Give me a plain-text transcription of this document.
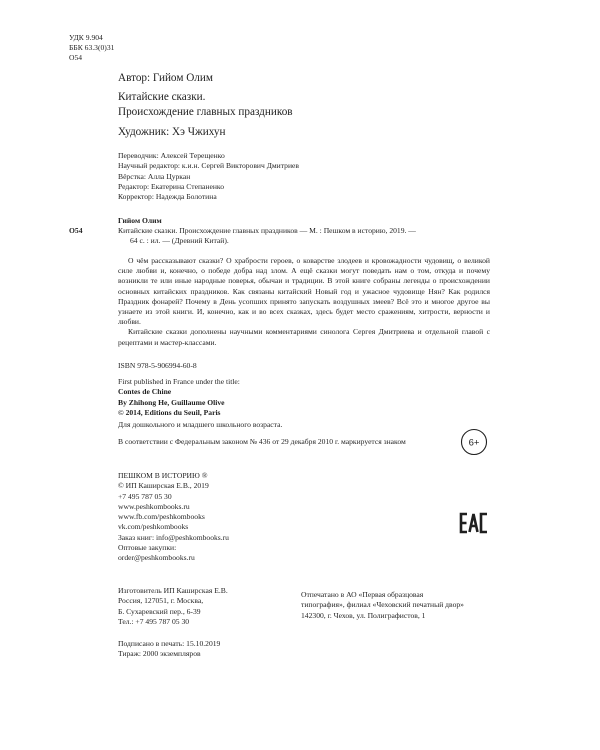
УДК 9.904
ББК 63.3(0)31
О54
Автор: Гийом Олим
Китайские сказки.
Происхождение главных праздников
Художник: Хэ Чжихун
Переводчик: Алексей Терещенко
Научный редактор: к.и.н. Сергей Викторович Дмитриев
Вёрстка: Алла Цуркан
Редактор: Екатерина Степаненко
Корректор: Надежда Болотина
Гийом Олим
О54	Китайские сказки. Происхождение главных праздников — М. : Пешком в историю, 2019. —
64 с. : ил. — (Древний Китай).

О чём рассказывают сказки? О храбрости героев, о коварстве злодеев и кровожадности чудовищ, о великой силе любви и, конечно, о победе добра над злом. А ещё сказки могут поведать нам о том, откуда и почему возникли те или иные народные поверья, обычаи и традиции. В этой книге собраны легенды о происхождении основных китайских праздников. Как связаны китайский Новый год и ужасное чудовище Нян? Как родился Праздник фонарей? Почему в День усопших принято запускать воздушных змеев? Всё это и многое другое вы узнаете из этой книги. И, конечно, как и во всех сказках, здесь будет место сражениям, хитрости, верности и любви.

Китайские сказки дополнены научными комментариями синолога Сергея Дмитриева и отдельной главой с рецептами и мастер-классами.

ISBN 978-5-906994-60-8
First published in France under the title:
Contes de Chine
By Zhihong He, Guillaume Olive
© 2014, Editions du Seuil, Paris
Для дошкольного и младшего школьного возраста.
В соответствии с Федеральным законом № 436 от 29 декабря 2010 г. маркируется знаком	6+
ПЕШКОМ В ИСТОРИЮ ®
© ИП Каширская Е.В., 2019
+7 495 787 05 30
www.peshkombooks.ru
www.fb.com/peshkombooks
vk.com/peshkombooks
Заказ книг: info@peshkombooks.ru
Оптовые закупки:
order@peshkombooks.ru
Изготовитель ИП Каширская Е.В.
Россия, 127051, г. Москва,
Б. Сухаревский пер., 6-39
Тел.: +7 495 787 05 30
Отпечатано в АО «Первая образцовая
типография», филиал «Чеховский печатный двор»
142300, г. Чехов, ул. Полиграфистов, 1
Подписано в печать: 15.10.2019
Тираж: 2000 экземпляров
